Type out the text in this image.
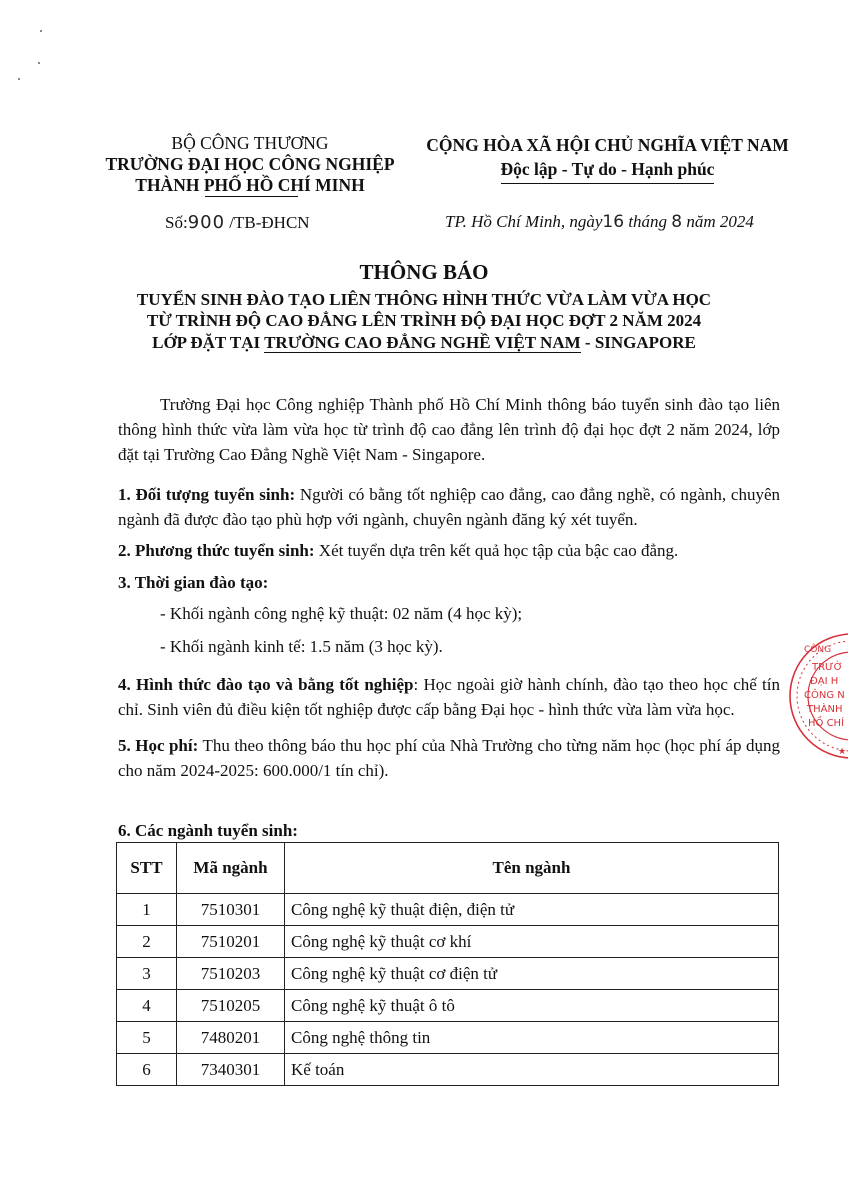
BỘ CÔNG THƯƠNG
TRƯỜNG ĐẠI HỌC CÔNG NGHIỆP
THÀNH PHỐ HỒ CHÍ MINH
CỘNG HÒA XÃ HỘI CHỦ NGHĨA VIỆT NAM
Độc lập - Tự do - Hạnh phúc
Số:900 /TB-ĐHCN	TP. Hồ Chí Minh, ngày16 tháng 8 năm 2024
THÔNG BÁO
TUYỂN SINH ĐÀO TẠO LIÊN THÔNG HÌNH THỨC VỪA LÀM VỪA HỌC
TỪ TRÌNH ĐỘ CAO ĐẲNG LÊN TRÌNH ĐỘ ĐẠI HỌC ĐỢT 2 NĂM 2024
LỚP ĐẶT TẠI TRƯỜNG CAO ĐẲNG NGHỀ VIỆT NAM - SINGAPORE
Trường Đại học Công nghiệp Thành phố Hồ Chí Minh thông báo tuyển sinh đào tạo liên thông hình thức vừa làm vừa học từ trình độ cao đẳng lên trình độ đại học đợt 2 năm 2024, lớp đặt tại Trường Cao Đẳng Nghề Việt Nam - Singapore.
1. Đối tượng tuyển sinh: Người có bằng tốt nghiệp cao đẳng, cao đẳng nghề, có ngành, chuyên ngành đã được đào tạo phù hợp với ngành, chuyên ngành đăng ký xét tuyển.
2. Phương thức tuyển sinh: Xét tuyển dựa trên kết quả học tập của bậc cao đẳng.
3. Thời gian đào tạo:
- Khối ngành công nghệ kỹ thuật: 02 năm (4 học kỳ);
- Khối ngành kinh tế: 1.5 năm (3 học kỳ).
4. Hình thức đào tạo và bằng tốt nghiệp: Học ngoài giờ hành chính, đào tạo theo học chế tín chỉ. Sinh viên đủ điều kiện tốt nghiệp được cấp bằng Đại học - hình thức vừa làm vừa học.
5. Học phí: Thu theo thông báo thu học phí của Nhà Trường cho từng năm học (học phí áp dụng cho năm 2024-2025: 600.000/1 tín chỉ).
6. Các ngành tuyển sinh:
STT	Mã ngành	Tên ngành
1	7510301	Công nghệ kỹ thuật điện, điện tử
2	7510201	Công nghệ kỹ thuật cơ khí
3	7510203	Công nghệ kỹ thuật cơ điện tử
4	7510205	Công nghệ kỹ thuật ô tô
5	7480201	Công nghệ thông tin
6	7340301	Kế toán
CÔNG
TRƯỜ
ĐẠI H
CÔNG N
THÀNH
HỒ CHÍ
★
